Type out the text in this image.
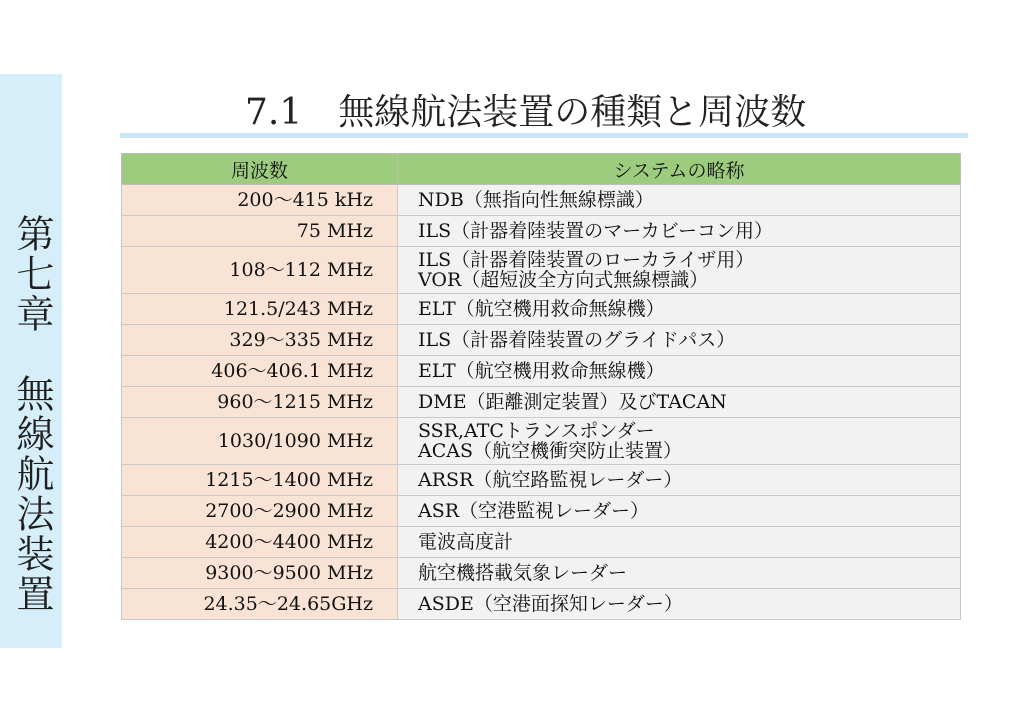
第七章　無線航法装置
7.1　無線航法装置の種類と周波数
周波数	システムの略称
200～415 kHz	NDB（無指向性無線標識）

75 MHz	ILS（計器着陸装置のマーカビーコン用）

108～112 MHz	ILS（計器着陸装置のローカライザ用）
VOR（超短波全方向式無線標識）

121.5/243 MHz	ELT（航空機用救命無線機）

329～335 MHz	ILS（計器着陸装置のグライドパス）

406～406.1 MHz	ELT（航空機用救命無線機）

960～1215 MHz	DME（距離測定装置）及びTACAN

1030/1090 MHz	SSR,ATCトランスポンダー
ACAS（航空機衝突防止装置）

1215～1400 MHz	ARSR（航空路監視レーダー）

2700～2900 MHz	ASR（空港監視レーダー）

4200～4400 MHz	電波高度計

9300～9500 MHz	航空機搭載気象レーダー

24.35～24.65GHz	ASDE（空港面探知レーダー）
